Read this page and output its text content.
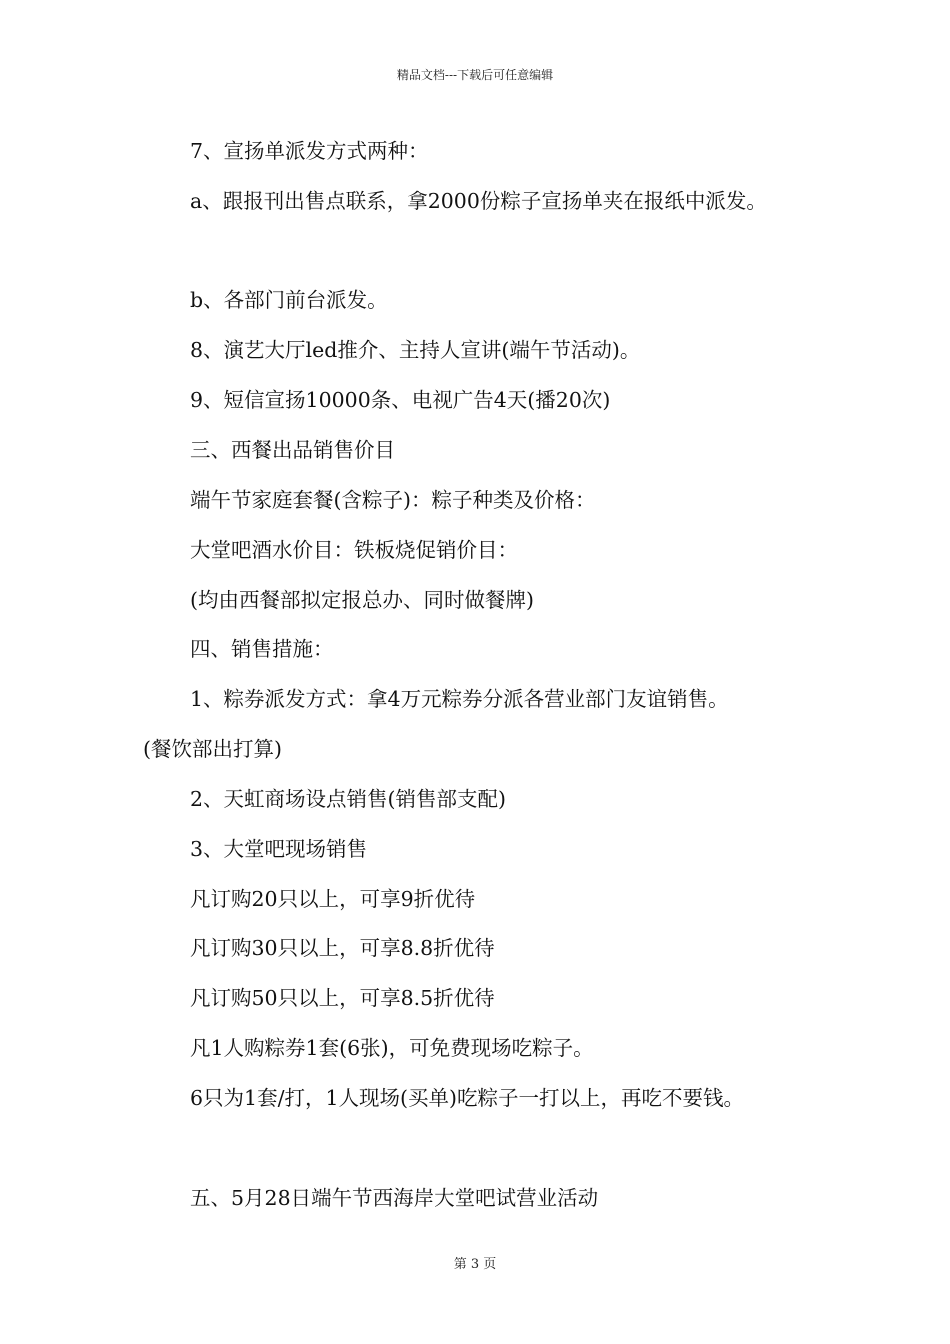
精品文档---下载后可任意编辑
7、宣扬单派发方式两种：
a、跟报刊出售点联系，拿2000份粽子宣扬单夹在报纸中派发。
b、各部门前台派发。
8、演艺大厅led推介、主持人宣讲(端午节活动)。
9、短信宣扬10000条、电视广告4天(播20次)
三、西餐出品销售价目
端午节家庭套餐(含粽子)：粽子种类及价格：
大堂吧酒水价目：铁板烧促销价目：
(均由西餐部拟定报总办、同时做餐牌)
四、销售措施：
1、粽券派发方式：拿4万元粽券分派各营业部门友谊销售。
(餐饮部出打算)
2、天虹商场设点销售(销售部支配)
3、大堂吧现场销售
凡订购20只以上，可享9折优待
凡订购30只以上，可享8.8折优待
凡订购50只以上，可享8.5折优待
凡1人购粽券1套(6张)，可免费现场吃粽子。
6只为1套/打，1人现场(买单)吃粽子一打以上，再吃不要钱。
五、5月28日端午节西海岸大堂吧试营业活动
第 3 页
